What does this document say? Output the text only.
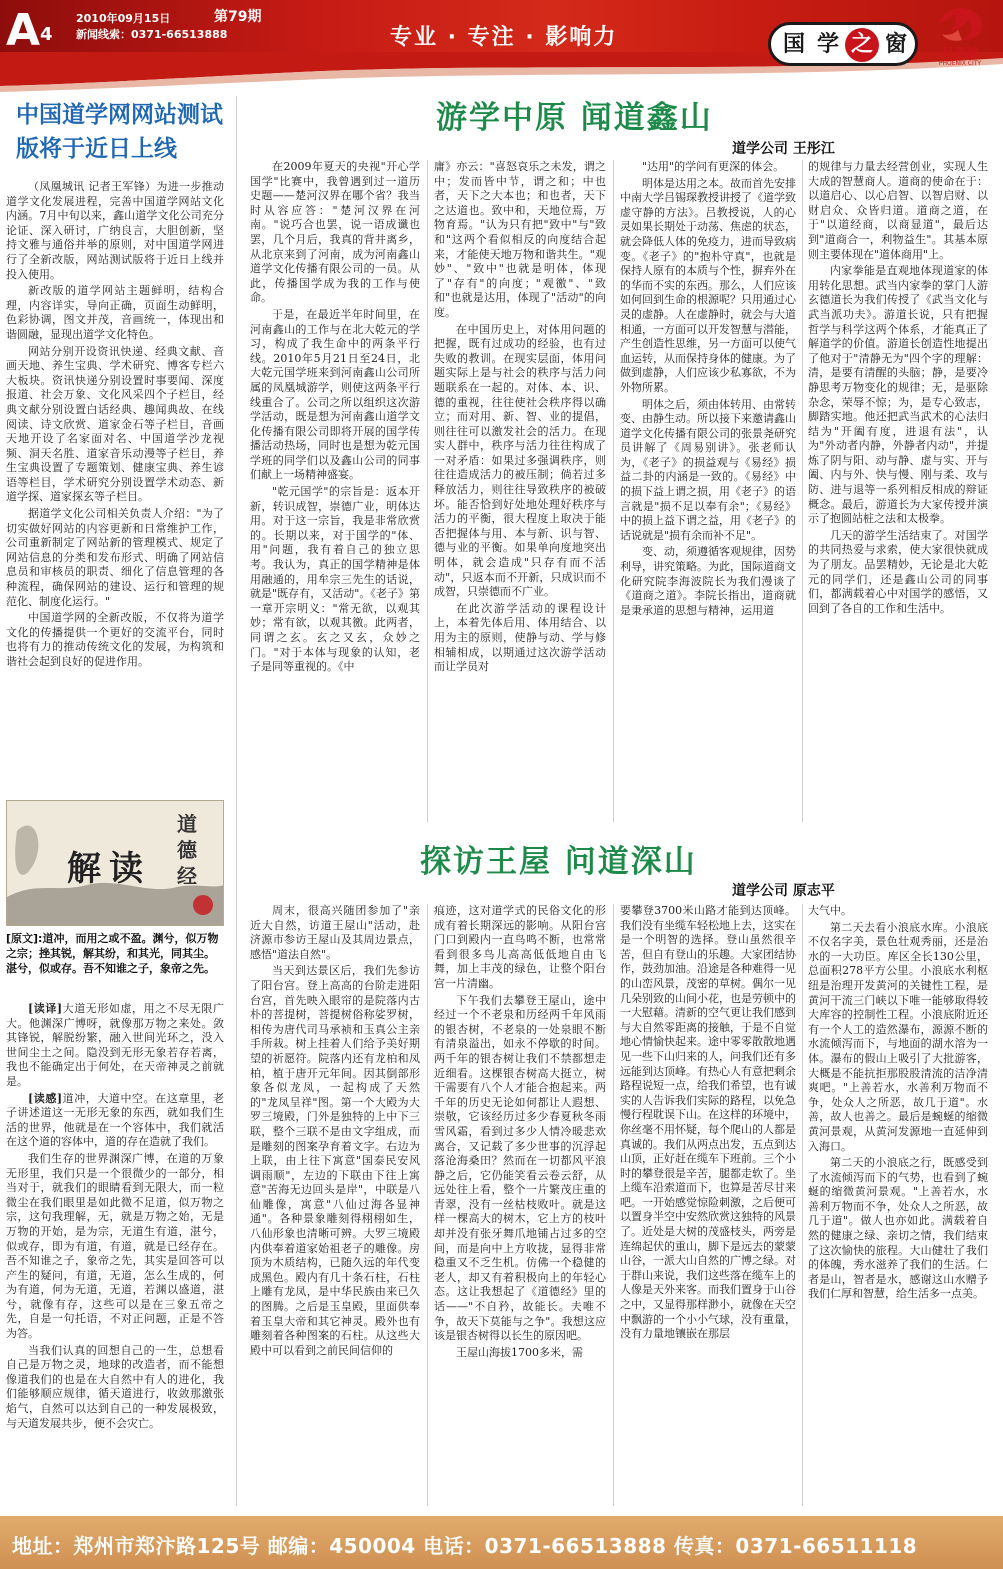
A 4
2010年09月15日	第79期
新闻线索：0371-66513888	专业 · 专注 · 影响力	国 学 之 窗	凤凰城
PHOENIX CITY
中国道学网网站测试版将于近日上线

（凤凰城讯 记者王军锋）为进一步推动道学文化发展进程，完善中国道学网站文化内涵。7月中旬以来，鑫山道学文化公司充分论证、深入研讨，广纳良言，大胆创新，坚持文雅与通俗并举的原则，对中国道学网进行了全新改版，网站测试版将于近日上线并投入使用。

新改版的道学网站主题鲜明，结构合理，内容详实，导向正确，页面生动鲜明，色彩协调，图文并茂，音画统一，体现出和谐圆融，显现出道学文化特色。

网站分别开设资讯快递、经典文献、音画天地、养生宝典、学术研究、博客专栏六大板块。资讯快递分别设置时事要闻、深度报道、社会万象、文化风采四个子栏目，经典文献分别设置白话经典、趣闻典故、在线阅读、诗文欣赏、道家金石等子栏目，音画天地开设了名家面对名、中国道学沙龙视频、洞天名胜、道家音乐动漫等子栏目，养生宝典设置了专题策划、健康宝典、养生谚语等栏目，学术研究分别设置学术动态、新道学探、道家探玄等子栏目。

据道学文化公司相关负责人介绍："为了切实做好网站的内容更新和日常维护工作，公司重新制定了网站新的管理模式、规定了网站信息的分类和发布形式、明确了网站信息员和审核员的职责、细化了信息管理的各种流程，确保网站的建设、运行和管理的规范化、制度化运行。"

中国道学网的全新改版，不仅将为道学文化的传播提供一个更好的交流平台，同时也将有力的推动传统文化的发展，为构筑和谐社会起到良好的促进作用。

解读
道德经
[原文]:道冲，而用之或不盈。渊兮，似万物之宗；挫其锐，解其纷，和其光，同其尘。湛兮，似或存。吾不知谁之子，象帝之先。

[读译]大道无形如虚，用之不尽无限广大。他渊深广博呀，就像那万物之来处。敛其锋锐，解脱纷繁，融入世间光环之，没入世间尘土之间。隐没到无形无象若存若离，我也不能确定出于何处，在天帝神灵之前就是。

[读感]道冲，大道中空。在这章里，老子讲述道这一无形无象的东西，就如我们生活的世界，他就是在一个容体中，我们就活在这个道的容体中，道的存在造就了我们。

我们生存的世界渊深广博，在道的万象无形里，我们只是一个很微少的一部分，相当对于，就我们的眼睛看到无限大，而一粒微尘在我们眼里是如此微不足道，似万物之宗，这句我理解，无，就是万物之始，无是万物的开始，是为宗，无道生有道，湛兮，似或存，即为有道，有道，就是已经存在。吾不知谁之子，象帝之先，其实是回答可以产生的疑问，有道，无道，怎么生成的，何为有道，何为无道，无道，若渊以盛道，湛兮，就像有存，这些可以是在三象五帝之先，自是一句托语，不对正问题，正是不答为答。

当我们认真的回想自己的一生，总想看自己是万物之灵，地球的改造者，而不能想像道我们的也是在大自然中有人的进化，我们能够顺应规律，循天道进行，收敛那激张焰气，自然可以达到自己的一种发展极致，与天道发展共步，便不会灾亡。

游学中原 闻道鑫山
道学公司 王彤江

在2009年夏天的央视"开心学国学"比赛中，我曾遇到过一道历史题——楚河汉界在哪个省？我当时从容应答："楚河汉界在河南。"说巧合也罢，说一语成谶也罢，几个月后，我真的背井离乡，从北京来到了河南，成为河南鑫山道学文化传播有限公司的一员。从此，传播国学成为我的工作与使命。

于是，在最近半年时间里，在河南鑫山的工作与在北大乾元的学习，构成了我生命中的两条平行线。2010年5月21日至24日，北大乾元国学班来到河南鑫山公司所属的凤凰城游学，则使这两条平行线重合了。公司之所以组织这次游学活动，既是想为河南鑫山道学文化传播有限公司即将开展的国学传播活动热场，同时也是想为乾元国学班的同学们以及鑫山公司的同事们献上一场精神盛宴。

"乾元国学"的宗旨是：返本开新，转识成智，崇德广业，明体达用。对于这一宗旨，我是非常欣赏的。长期以来，对于国学的"体、用"问题，我有着自己的独立思考。我认为，真正的国学精神是体用融通的，用牟宗三先生的话说，就是"既存有，又活动"。《老子》第一章开宗明义："常无欲，以观其妙；常有欲，以观其徼。此两者，同谓之玄。玄之又玄，众妙之门。"对于本体与现象的认知，老子是同等重视的。《中

庸》亦云："喜怒哀乐之未发，谓之中；发而皆中节，谓之和；中也者，天下之大本也；和也者，天下之达道也。致中和，天地位焉，万物育焉。"认为只有把"致中"与"致和"这两个看似相反的向度结合起来，才能使天地万物和谐共生。"观妙"、"致中"也就是明体，体现了"存有"的向度；"观徼"、"致和"也就是达用，体现了"活动"的向度。

在中国历史上，对体用问题的把握，既有过成功的经验，也有过失败的教训。在现实层面，体用问题实际上是与社会的秩序与活力问题联系在一起的。对体、本、识、德的重视，往往使社会秩序得以确立；而对用、新、智、业的提倡，则往往可以激发社会的活力。在现实人群中，秩序与活力往往构成了一对矛盾：如果过多强调秩序，则往往造成活力的被压制；倘若过多释放活力，则往往导致秩序的被破坏。能否恰到好处地处理好秩序与活力的平衡，很大程度上取决于能否把握体与用、本与新、识与智、德与业的平衡。如果单向度地突出明体，就会造成"只存有而不活动"，只返本而不开新，只成识而不成智，只崇德而不广业。

在此次游学活动的课程设计上，本着先体后用、体用结合、以用为主的原则，使静与动、学与修相辅相成，以期通过这次游学活动而让学员对

"达用"的学问有更深的体会。

明体是达用之本。故而首先安排中南大学吕锡琛教授讲授了《道学致虚守静的方法》。吕教授说，人的心灵如果长期处于动荡、焦虑的状态，就会降低人体的免疫力，进而导致病变。《老子》的"抱朴守真"，也就是保持人原有的本质与个性，摒弃外在的华而不实的东西。那么，人们应该如何回到生命的根源呢？只用通过心灵的虚静。人在虚静时，就会与大道相通，一方面可以开发智慧与潜能，产生创造性思维，另一方面可以使气血运转，从而保持身体的健康。为了做到虚静，人们应该少私寡欲，不为外物所累。

明体之后，须由体转用、由常转变、由静生动。所以接下来邀请鑫山道学文化传播有限公司的张景尧研究员讲解了《周易别讲》。张老师认为，《老子》的损益观与《易经》损益二卦的内涵是一致的。《易经》中的损下益上谓之损，用《老子》的语言就是"损不足以奉有余"；《易经》中的损上益下谓之益，用《老子》的话说就是"损有余而补不足"。

变、动，须遵循客观规律，因势利导，讲究策略。为此，国际道商文化研究院李海波院长为我们漫谈了《道商之道》。李院长指出，道商就是秉承道的思想与精神，运用道

的规律与力量去经营创业，实现人生大成的智慧商人。道商的使命在于：以道启心、以心启智、以智启财、以财启众、众皆归道。道商之道，在于"以道经商，以商显道"，最后达到"道商合一，利物益生"。其基本原则主要体现在"道体商用"上。

内家拳能是直观地体现道家的体用转化思想。武当内家拳的掌门人游玄德道长为我们传授了《武当文化与武当派功夫》。游道长说，只有把握哲学与科学这两个体系，才能真正了解道学的价值。游道长创造性地提出了他对于"清静无为"四个字的理解：清，是要有清醒的头脑；静，是要冷静思考万物变化的规律；无，是驱除杂念，荣辱不惊；为，是专心致志，脚踏实地。他还把武当武术的心法归结为"开阖有度，进退有法"，认为"外动者内静，外静者内动"，并提炼了阴与阳、动与静、虚与实、开与阖、内与外、快与慢、刚与柔、攻与防、进与退等一系列相反相成的辩证概念。最后，游道长为大家传授并演示了抱圆站桩之法和太极拳。

几天的游学生活结束了。对国学的共同热爱与求索，使大家很快就成为了朋友。品罢精妙，无论是北大乾元的同学们，还是鑫山公司的同事们，都满载着心中对国学的感悟，又回到了各自的工作和生活中。

探访王屋 问道深山
道学公司 原志平

周末，很高兴随团参加了"亲近大自然，访道王屋山"活动，赴济源市参访王屋山及其周边景点，感悟"道法自然"。

当天到达景区后，我们先参访了阳台宫。登上高高的台阶走进阳台宫，首先映入眼帘的是院落内古朴的菩提树，菩提树俗称娑罗树，相传为唐代司马承祯和玉真公主亲手所栽。树上挂着人们给予美好期望的祈愿符。院落内还有龙柏和凤柏，植于唐开元年间。因其倒部形象各似龙凤，一起构成了天然的"龙凤呈祥"图。第一个大殿为大罗三境殿，门外是独特的上中下三联，整个三联不是由文字组成，而是雕刻的图案孕育着文字。右边为上联，由上往下寓意"国泰民安风调雨顺"，左边的下联由下往上寓意"苦海无边回头是岸"，中联是八仙雕像，寓意"八仙过海各显神通"。各种景象雕刻得栩栩如生，八仙形象也清晰可辨。大罗三境殿内供奉着道家始祖老子的雕像。房顶为木质结构，已随久远的年代变成黑色。殿内有几十条石柱，石柱上雕有龙凤，是中华民族由来已久的图腾。之后是玉皇殿，里面供奉着玉皇大帝和其它神灵。殿外也有雕刻着各种图案的石柱。从这些大殿中可以看到之前民间信仰的

痕迹，这对道学式的民俗文化的形成有着长期深远的影响。从阳台宫门口到殿内一直鸟鸣不断，也常常看到很多鸟儿高高低低地自由飞舞，加上丰茂的绿色，让整个阳台宫一片清幽。

下午我们去攀登王屋山，途中经过一个不老泉和历经两千年风雨的银杏树，不老泉的一处泉眼不断有清泉溢出，如永不停歇的时间。两千年的银杏树让我们不禁都想走近细看。这棵银杏树高大挺立，树干需要有八个人才能合抱起来。两千年的历史无论如何都让人遐想、崇敬，它该经历过多少春夏秋冬雨雪风霜，看到过多少人情冷暖悲欢离合，又记载了多少世事的沉浮起落沧海桑田？然而在一切都风平浪静之后，它仍能笑看云卷云舒，从远处往上看，整个一片繁茂庄重的青翠，没有一丝枯枝败叶。就是这样一棵高大的树木，它上方的枝叶却并没有张牙舞爪地铺占过多的空间，而是向中上方收拢，显得非常稳重又不乏生机。仿佛一个稳健的老人，却又有着积极向上的年轻心态。这让我想起了《道德经》里的话——"不自矜，故能长。夫唯不争，故天下莫能与之争"。我想这应该是银杏树得以长生的原因吧。

王屋山海拔1700多米，需

要攀登3700米山路才能到达顶峰。我们没有坐缆车轻松地上去，这实在是一个明智的选择。登山虽然很辛苦，但自有登山的乐趣。大家团结协作，鼓劲加油。沿途是各种难得一见的山峦风景，茂密的草树。偶尔一见几朵别致的山间小花，也是劳顿中的一大慰藉。清新的空气更让我们感到与大自然零距离的接触，于是不自觉地心情愉快起来。途中零零散散地遇见一些下山归来的人，问我们还有多远能到达顶峰。有热心人有意把剩余路程说短一点，给我们希望，也有诚实的人告诉我们实际的路程，以免急慢行程耽误下山。在这样的环境中，你丝毫不用怀疑，每个爬山的人都是真诚的。我们从两点出发，五点到达山顶，正好赶在缆车下班前。三个小时的攀登很是辛苦，腿都走软了。坐上缆车沿索道而下，也算是苦尽甘来吧。一开始感觉惊险刺激，之后便可以置身半空中安然欣赏这独特的风景了。近处是大树的茂盛枝头，两旁是连绵起伏的重山，脚下是远去的蒙蒙山谷，一派大山自然的广博之绿。对于群山来说，我们这些落在缆车上的人像是天外来客。而我们置身于山谷之中，又显得那样渺小，就像在天空中飘游的一个小小气球，没有重量，没有力量地镶嵌在那层

大气中。

第二天去看小浪底水库。小浪底不仅名字美，景色壮观秀丽，还是治水的一大功臣。库区全长130公里，总面积278平方公里。小浪底水利枢纽是治理开发黄河的关键性工程，是黄河干流三门峡以下唯一能够取得较大库容的控制性工程。小浪底附近还有一个人工的造然瀑布，源源不断的水流倾泻而下，与地面的湖水溶为一体。瀑布的假山上吸引了大批游客，大概是不能抗拒那股股清流的洁净清爽吧。"上善若水，水善利万物而不争，处众人之所恶，故几于道"。水善，故人也善之。最后是蜿蜒的缩微黄河景观，从黄河发源地一直延伸到入海口。

第二天的小浪底之行，既感受到了水流倾泻而下的气势，也看到了蜿蜒的缩微黄河景观。"上善若水，水善利万物而不争，处众人之所恶，故几于道"。做人也亦如此。满载着自然的健康之绿、亲切之情，我们结束了这次愉快的旅程。大山健壮了我们的体魄，秀水滋养了我们的生活。仁者是山，智者是水，感谢这山水赠予我们仁厚和智慧，给生活多一点美。

地址：郑州市郑汴路125号 邮编：450004 电话：0371-66513888 传真：0371-66511118
